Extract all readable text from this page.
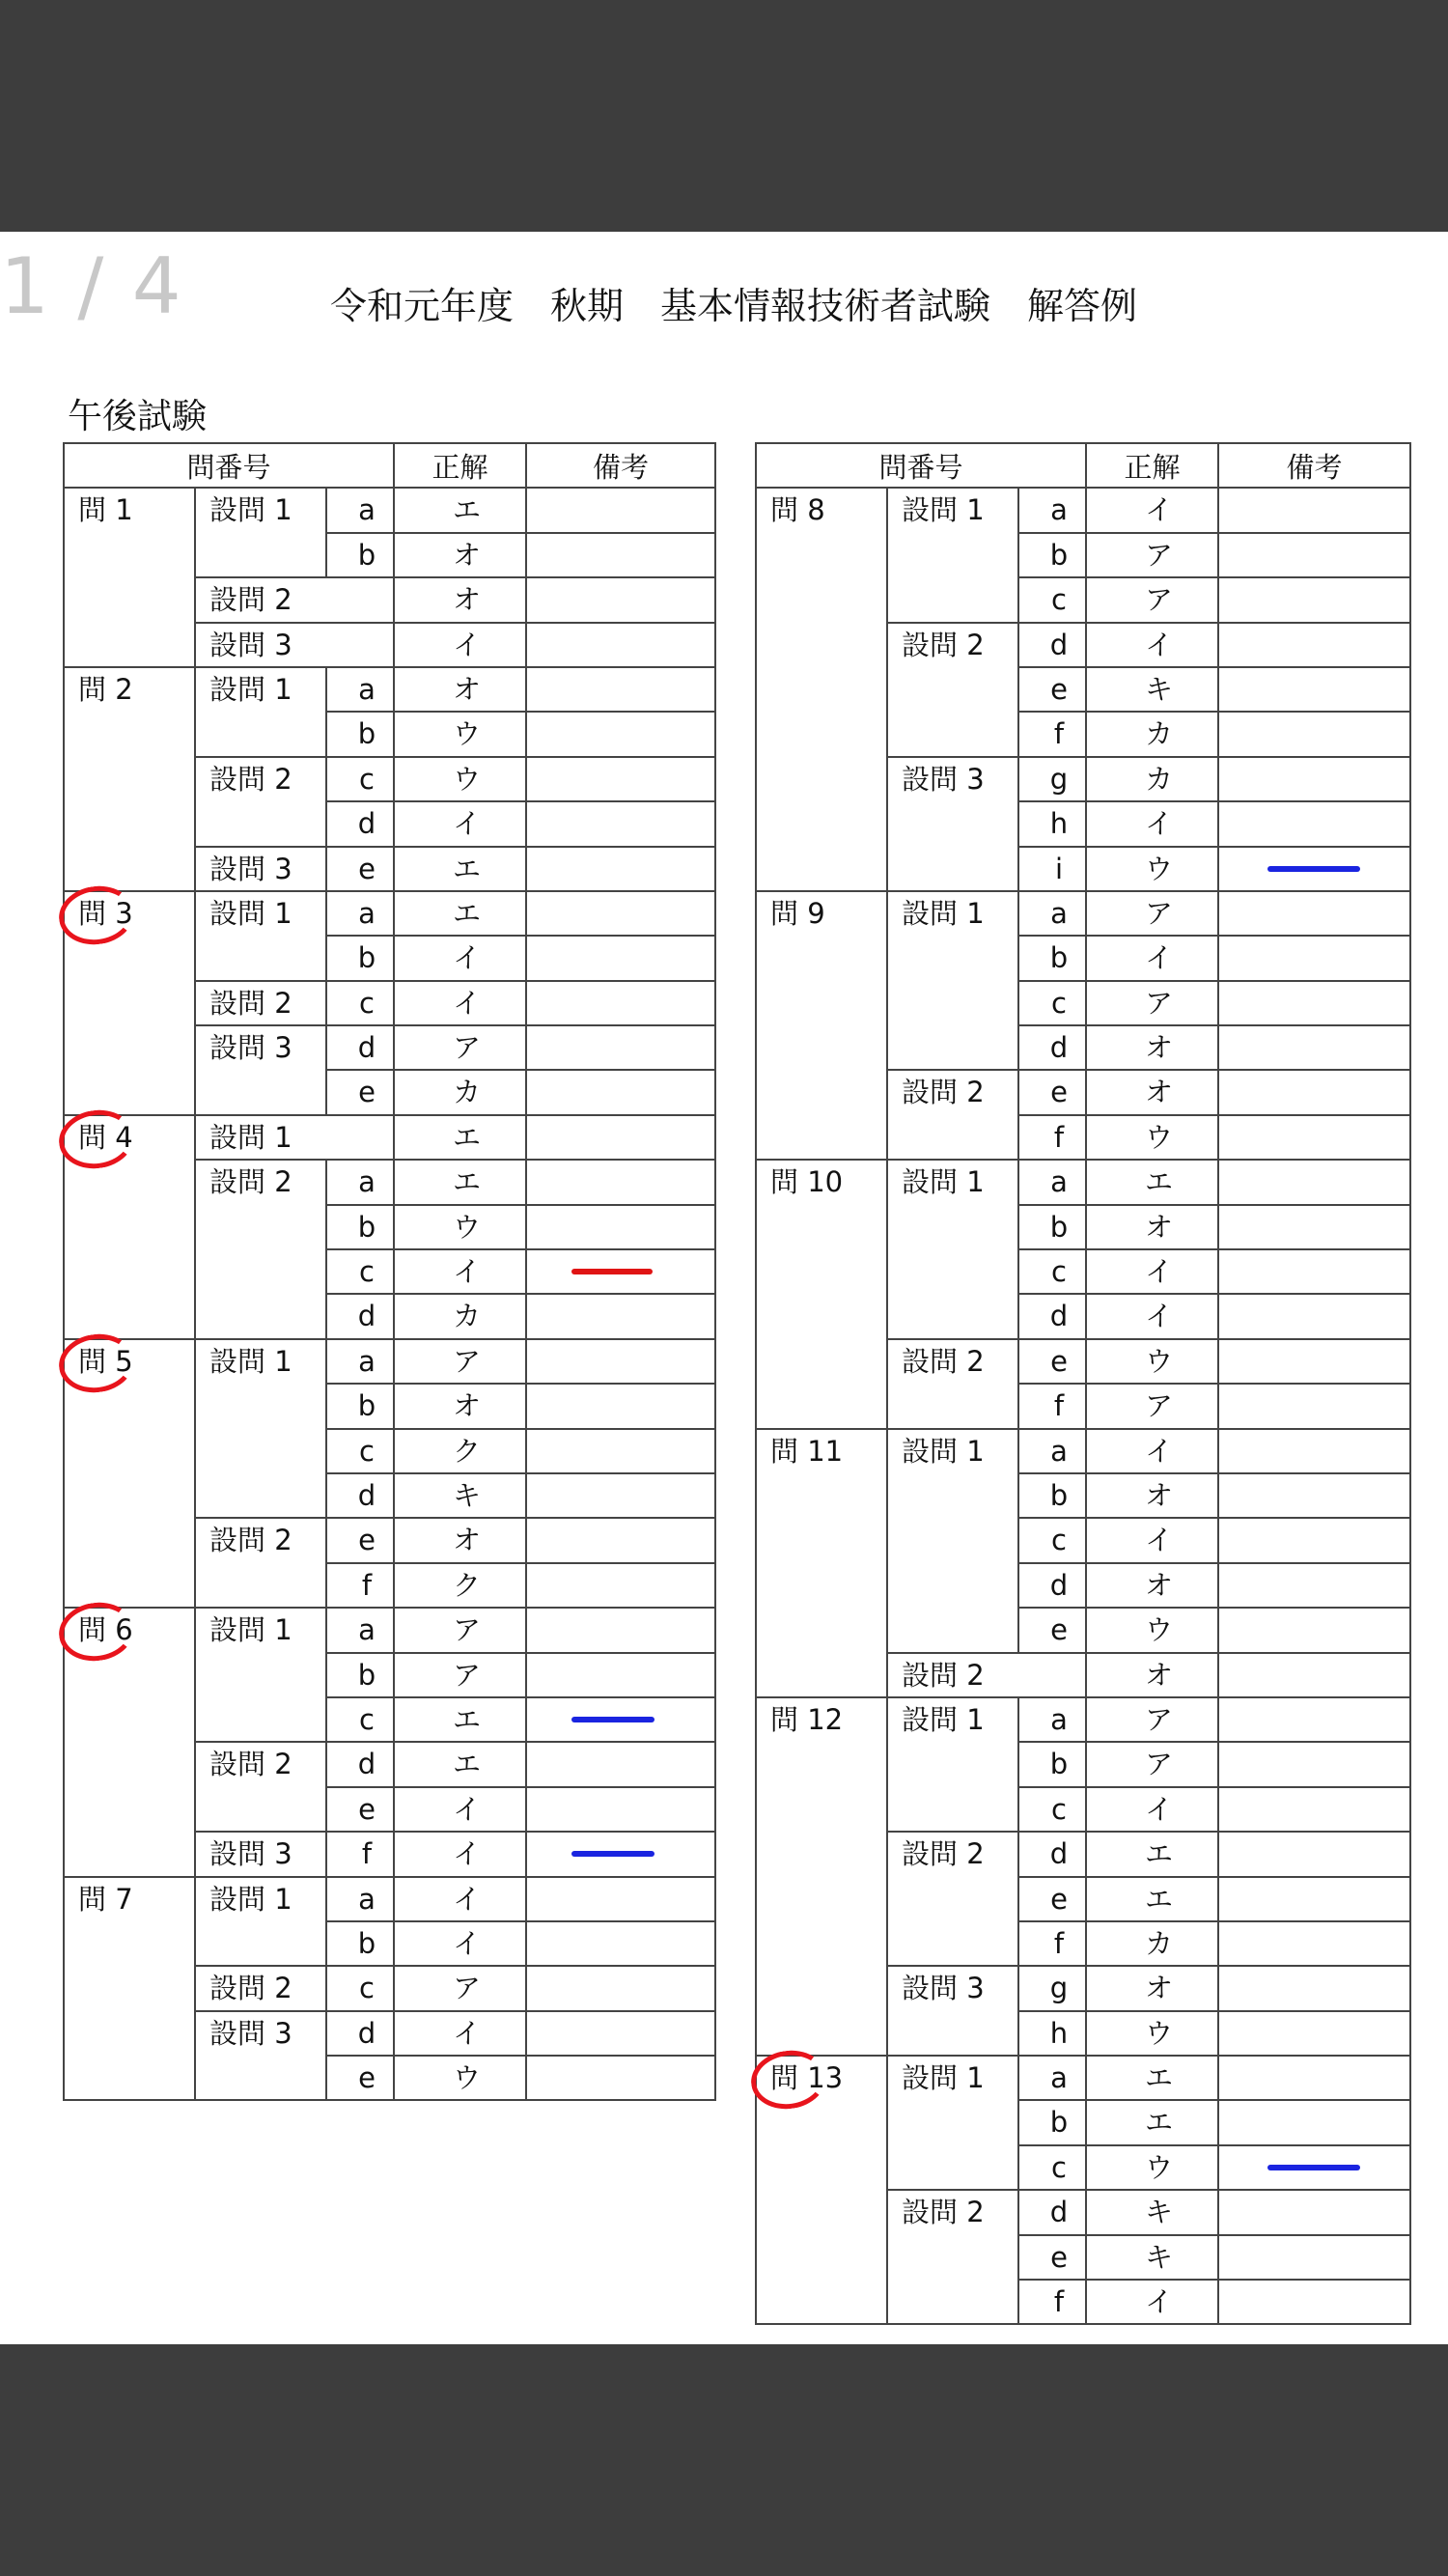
1 / 4	令和元年度　秋期　基本情報技術者試験　解答例
午後試験
問番号			正解	備考
問 1	設問 1	a	エ	
		b	オ	
	設問 2		オ	
	設問 3		イ	
問 2	設問 1	a	オ	
		b	ウ	
	設問 2	c	ウ	
		d	イ	
	設問 3	e	エ	
問 3	設問 1	a	エ	
		b	イ	
	設問 2	c	イ	
	設問 3	d	ア	
		e	カ	
問 4	設問 1		エ	
	設問 2	a	エ	
		b	ウ	
		c	イ	

		d	カ	
問 5	設問 1	a	ア	
		b	オ	
		c	ク	
		d	キ	
	設問 2	e	オ	
		f	ク	
問 6	設問 1	a	ア	
		b	ア	
		c	エ	

	設問 2	d	エ	
		e	イ	
	設問 3	f	イ	

問 7	設問 1	a	イ	
		b	イ	
	設問 2	c	ア	
	設問 3	d	イ	
		e	ウ	
問番号			正解	備考
問 8	設問 1	a	イ	
		b	ア	
		c	ア	
	設問 2	d	イ	
		e	キ	
		f	カ	
	設問 3	g	カ	
		h	イ	
		i	ウ	

問 9	設問 1	a	ア	
		b	イ	
		c	ア	
		d	オ	
	設問 2	e	オ	
		f	ウ	
問 10	設問 1	a	エ	
		b	オ	
		c	イ	
		d	イ	
	設問 2	e	ウ	
		f	ア	
問 11	設問 1	a	イ	
		b	オ	
		c	イ	
		d	オ	
		e	ウ	
	設問 2		オ	
問 12	設問 1	a	ア	
		b	ア	
		c	イ	
	設問 2	d	エ	
		e	エ	
		f	カ	
	設問 3	g	オ	
		h	ウ	
問 13	設問 1	a	エ	
		b	エ	
		c	ウ	

	設問 2	d	キ	
		e	キ	
		f	イ	
